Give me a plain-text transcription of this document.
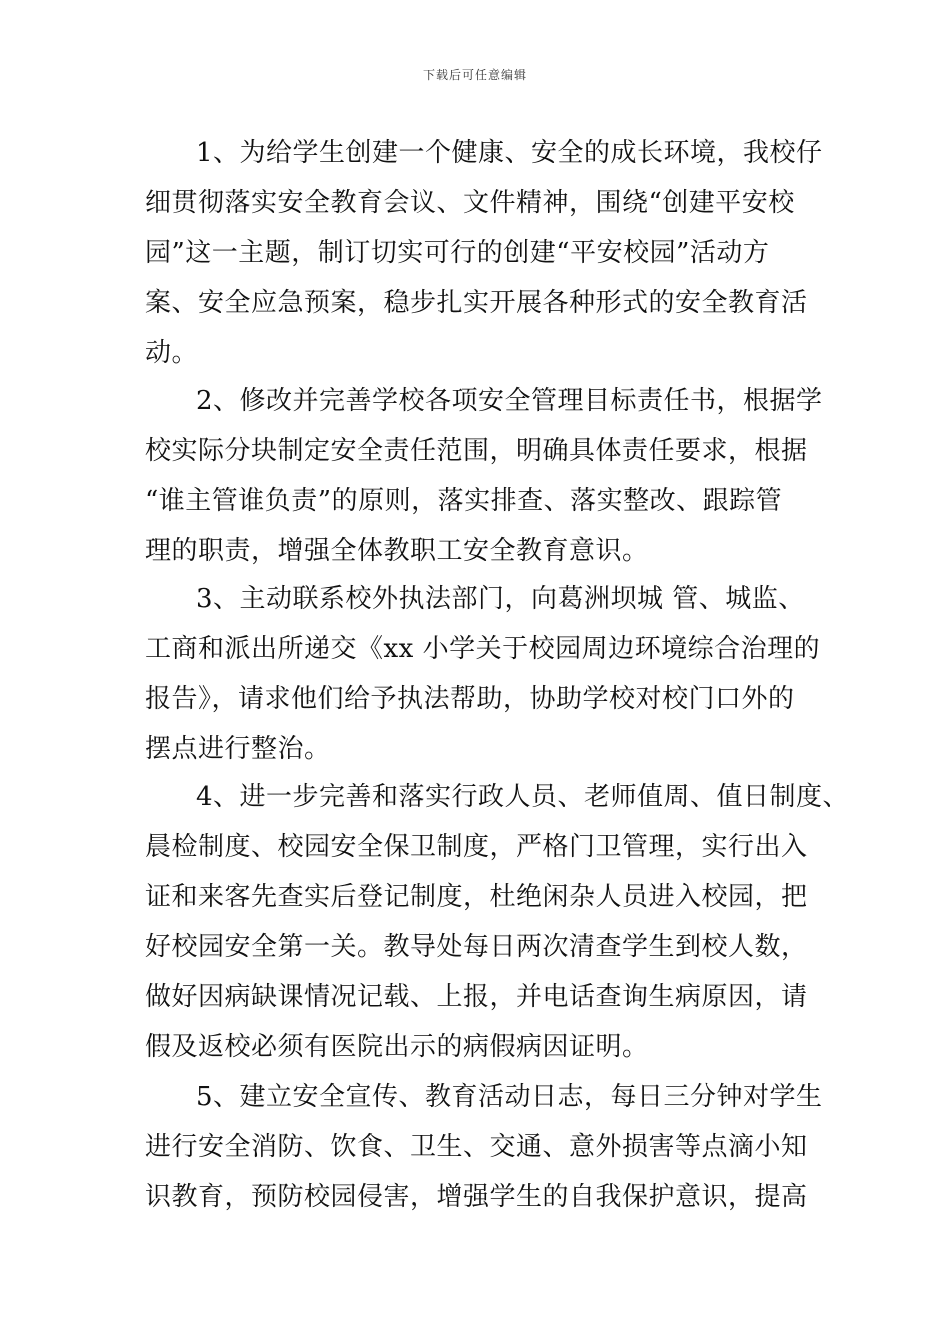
下载后可任意编辑
1、为给学生创建一个健康、安全的成长环境，我校仔
细贯彻落实安全教育会议、文件精神，围绕“创建平安校
园”这一主题，制订切实可行的创建“平安校园”活动方
案、安全应急预案，稳步扎实开展各种形式的安全教育活
动。
2、修改并完善学校各项安全管理目标责任书，根据学
校实际分块制定安全责任范围，明确具体责任要求，根据
“谁主管谁负责”的原则，落实排查、落实整改、跟踪管
理的职责，增强全体教职工安全教育意识。
3、主动联系校外执法部门，向葛洲坝城 管、城监、
工商和派出所递交《xx 小学关于校园周边环境综合治理的
报告》，请求他们给予执法帮助，协助学校对校门口外的
摆点进行整治。
4、进一步完善和落实行政人员、老师值周、值日制度、
晨检制度、校园安全保卫制度，严格门卫管理，实行出入
证和来客先查实后登记制度，杜绝闲杂人员进入校园，把
好校园安全第一关。教导处每日两次清查学生到校人数，
做好因病缺课情况记载、上报，并电话查询生病原因，请
假及返校必须有医院出示的病假病因证明。
5、建立安全宣传、教育活动日志，每日三分钟对学生
进行安全消防、饮食、卫生、交通、意外损害等点滴小知
识教育，预防校园侵害，增强学生的自我保护意识，提高
